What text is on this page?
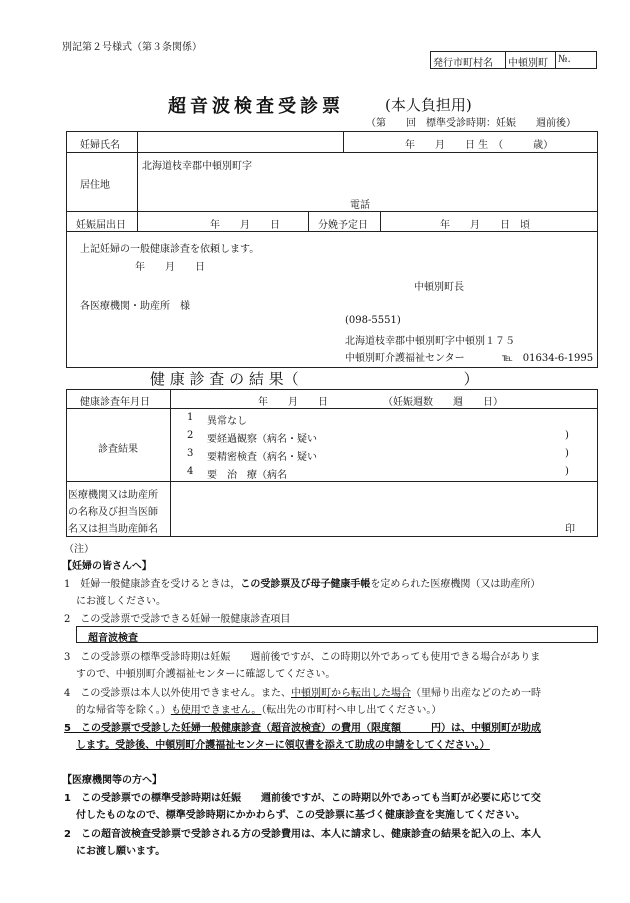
別記第２号様式（第３条関係）
発行市町村名 中頓別町 №.
超音波検査受診票	(本人負担用)
（第　　回　標準受診時期：妊娠　　週前後）
妊婦氏名	年　　月　　日 生　（　　　歳）
居住地
北海道枝幸郡中頓別町字
電話
妊娠届出日	年　　月　　日	分娩予定日	年　　月　　日　頃
上記妊婦の一般健康診査を依頼します。
年　　月　　日
中頓別町長
各医療機関・助産所　様
(098-5551)
北海道枝幸郡中頓別町字中頓別１７５
中頓別町介護福祉センター	℡　01634-6-1995
健 康 診 査 の 結 果（　　　　　　　　　　　）
健康診査年月日	年　　月　　日	（妊娠週数　　週　　日）
診査結果
1 異常なし
2 要経過観察（病名・疑い	)
3 要精密検査（病名・疑い	)
4 要　治　療（病名	)
医療機関又は助産所
の名称及び担当医師
名又は担当助産師名	印
（注）
【妊婦の皆さんへ】
1　妊婦一般健康診査を受けるときは，この受診票及び母子健康手帳を定められた医療機関（又は助産所）
にお渡しください。
2　この受診票で受診できる妊婦一般健康診査項目
超音波検査
3　この受診票の標準受診時期は妊娠　　週前後ですが、この時期以外であっても使用できる場合がありま
すので、中頓別町介護福祉センターに確認してください。
4　この受診票は本人以外使用できません。また、中頓別町から転出した場合（里帰り出産などのため一時
的な帰省等を除く。）も使用できません。（転出先の市町村へ申し出てください。）
5　この受診票で受診した妊婦一般健康診査（超音波検査）の費用（限度額　　　円）は、中頓別町が助成
します。受診後、中頓別町介護福祉センターに領収書を添えて助成の申請をしてください。）
【医療機関等の方へ】
1　この受診票での標準受診時期は妊娠　　週前後ですが、この時期以外であっても当町が必要に応じて交
付したものなので、標準受診時期にかかわらず、この受診票に基づく健康診査を実施してください。
2　この超音波検査受診票で受診される方の受診費用は、本人に請求し、健康診査の結果を記入の上、本人
にお渡し願います。
